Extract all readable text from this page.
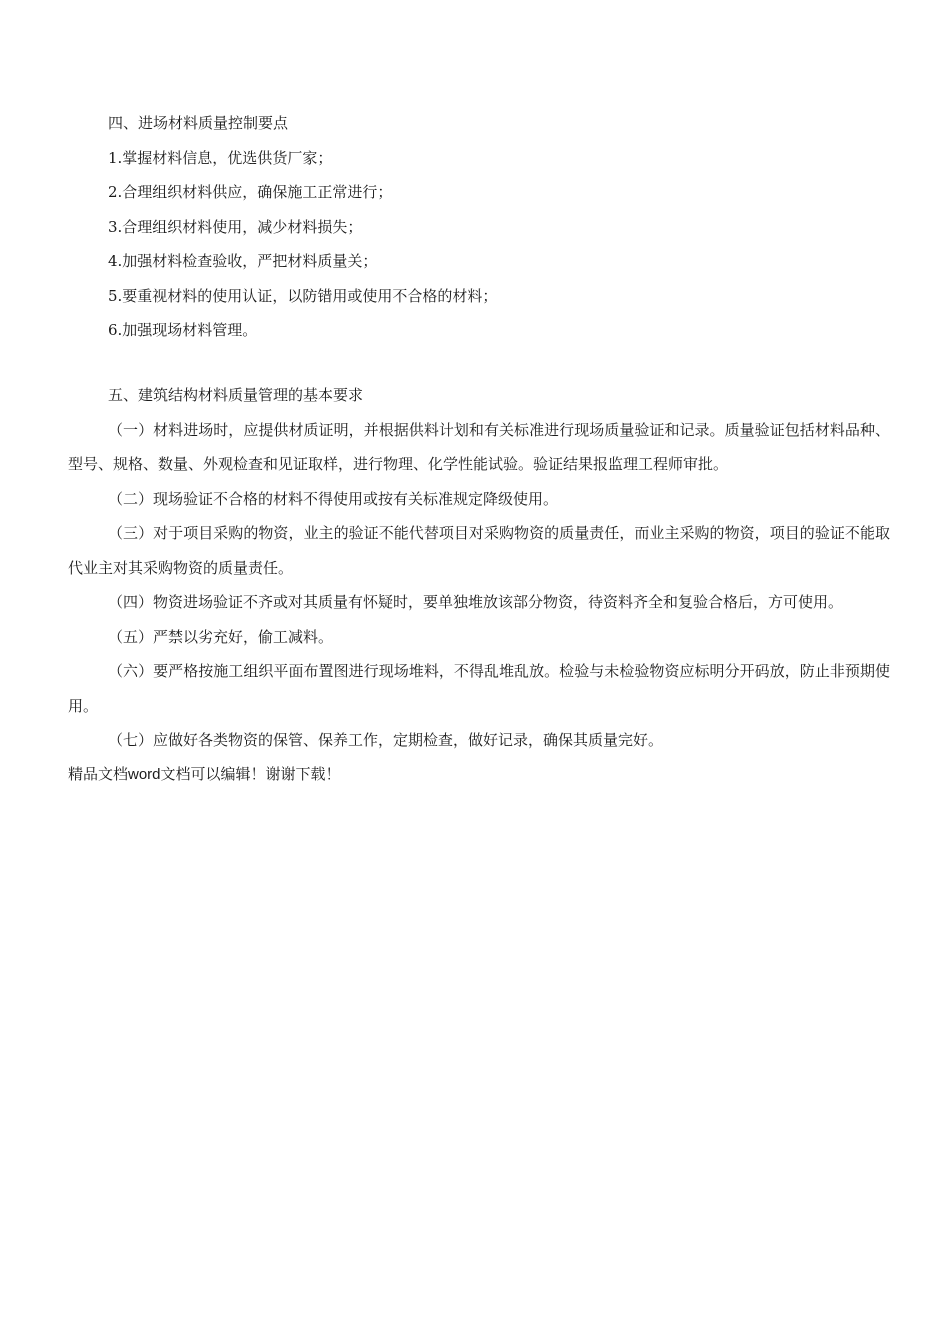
四、进场材料质量控制要点
1.掌握材料信息，优选供货厂家；
2.合理组织材料供应，确保施工正常进行；
3.合理组织材料使用，减少材料损失；
4.加强材料检查验收，严把材料质量关；
5.要重视材料的使用认证，以防错用或使用不合格的材料；
6.加强现场材料管理。
五、建筑结构材料质量管理的基本要求

（一）材料进场时，应提供材质证明，并根据供料计划和有关标准进行现场质量验证和记录。质量验证包括材料品种、型号、规格、数量、外观检查和见证取样，进行物理、化学性能试验。验证结果报监理工程师审批。

（二）现场验证不合格的材料不得使用或按有关标准规定降级使用。

（三）对于项目采购的物资，业主的验证不能代替项目对采购物资的质量责任，而业主采购的物资，项目的验证不能取代业主对其采购物资的质量责任。

（四）物资进场验证不齐或对其质量有怀疑时，要单独堆放该部分物资，待资料齐全和复验合格后，方可使用。

（五）严禁以劣充好，偷工减料。

（六）要严格按施工组织平面布置图进行现场堆料，不得乱堆乱放。检验与未检验物资应标明分开码放，防止非预期使用。

（七）应做好各类物资的保管、保养工作，定期检查，做好记录，确保其质量完好。

精品文档word文档可以编辑！谢谢下载！
